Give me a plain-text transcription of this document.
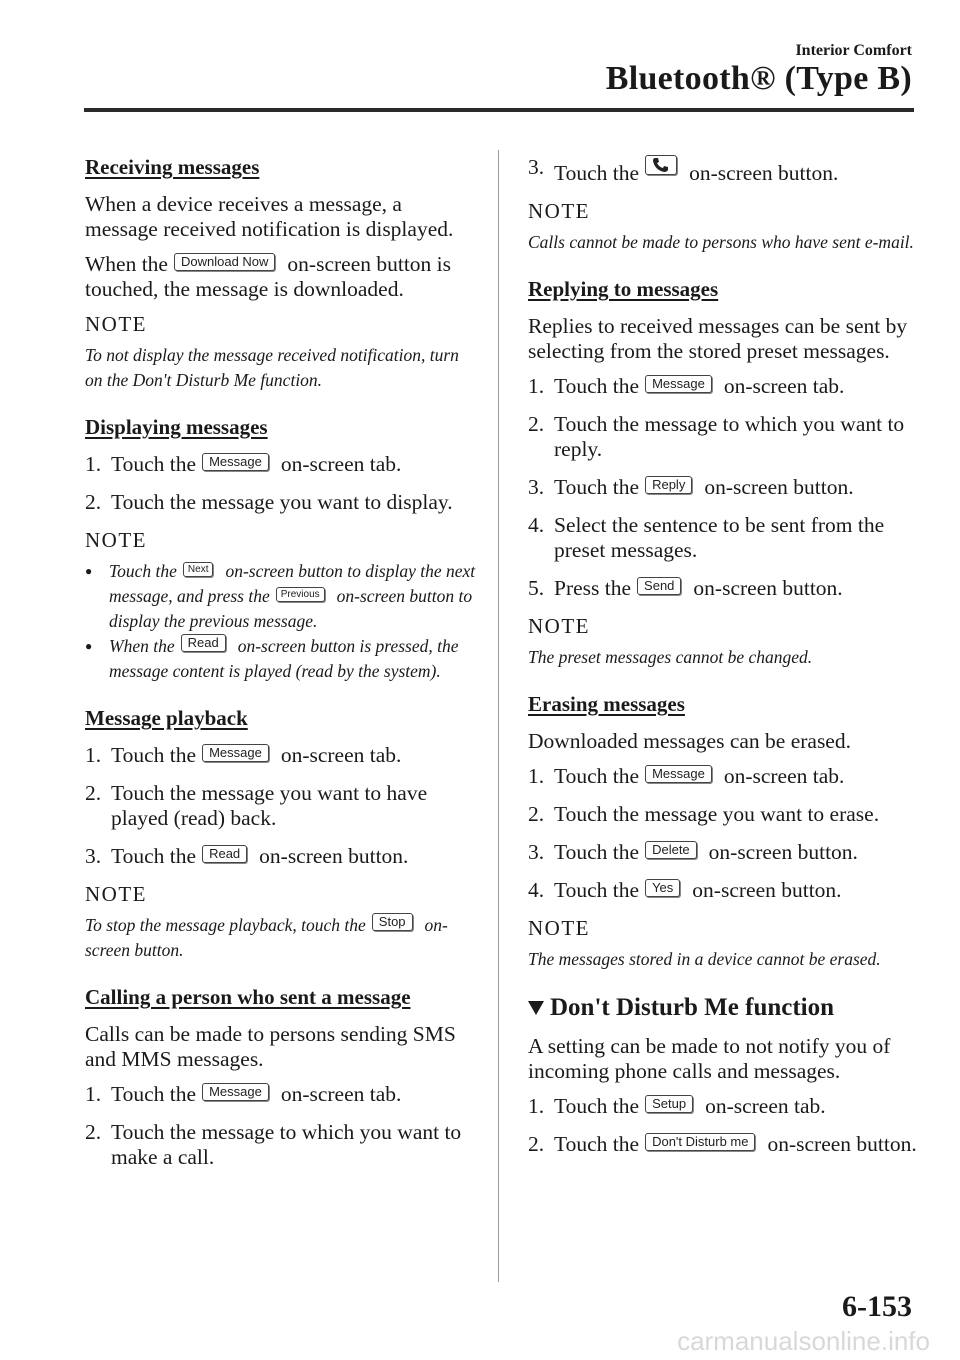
Interior Comfort
Bluetooth® (Type B)
Receiving messages

When a device receives a message, a message received notification is displayed.

When the Download Now on-screen button is touched, the message is downloaded.

NOTE
To not display the message received notification, turn on the Don't Disturb Me function.
Displaying messages
1. Touch the Message on-screen tab.
2. Touch the message you want to display.
NOTE
● Touch the Next on-screen button to display the next message, and press the Previous on-screen button to display the previous message.
● When the Read on-screen button is pressed, the message content is played (read by the system).
Message playback
1. Touch the Message on-screen tab.
2. Touch the message you want to have played (read) back.
3. Touch the Read on-screen button.
NOTE
To stop the message playback, touch the Stop on-screen button.
Calling a person who sent a message

Calls can be made to persons sending SMS and MMS messages.

1. Touch the Message on-screen tab.
2. Touch the message to which you want to make a call.
3. Touch the on-screen button.
NOTE
Calls cannot be made to persons who have sent e-mail.
Replying to messages

Replies to received messages can be sent by selecting from the stored preset messages.

1. Touch the Message on-screen tab.
2. Touch the message to which you want to reply.
3. Touch the Reply on-screen button.
4. Select the sentence to be sent from the preset messages.
5. Press the Send on-screen button.
NOTE
The preset messages cannot be changed.
Erasing messages

Downloaded messages can be erased.

1. Touch the Message on-screen tab.
2. Touch the message you want to erase.
3. Touch the Delete on-screen button.
4. Touch the Yes on-screen button.
NOTE
The messages stored in a device cannot be erased.
Don't Disturb Me function

A setting can be made to not notify you of incoming phone calls and messages.

1. Touch the Setup on-screen tab.
2. Touch the Don't Disturb me on-screen button.
6-153
carmanualsonline.info
